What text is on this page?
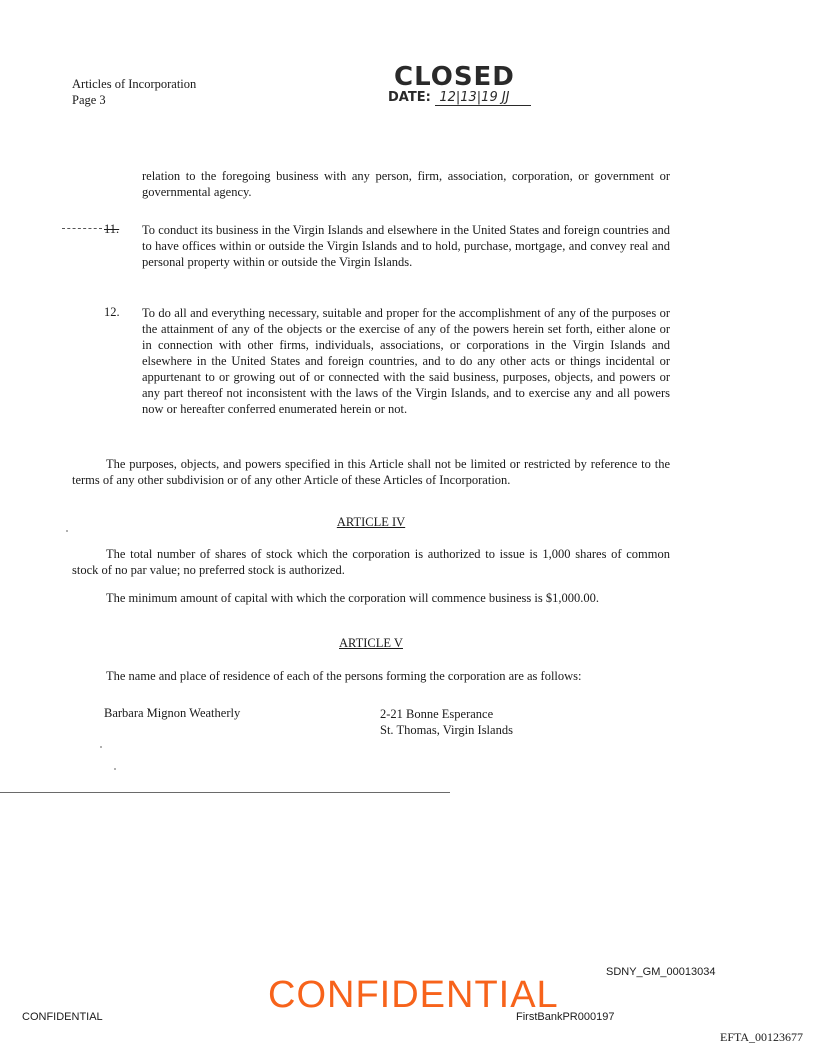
Articles of Incorporation
Page 3
CLOSED
DATE: 12|13|19 JJ
relation to the foregoing business with any person, firm, association, corporation, or government or governmental agency.
11.	To conduct its business in the Virgin Islands and elsewhere in the United States and foreign countries and to have offices within or outside the Virgin Islands and to hold, purchase, mortgage, and convey real and personal property within or outside the Virgin Islands.
12.	To do all and everything necessary, suitable and proper for the accomplishment of any of the purposes or the attainment of any of the objects or the exercise of any of the powers herein set forth, either alone or in connection with other firms, individuals, associations, or corporations in the Virgin Islands and elsewhere in the United States and foreign countries, and to do any other acts or things incidental or appurtenant to or growing out of or connected with the said business, purposes, objects, and powers or any part thereof not inconsistent with the laws of the Virgin Islands, and to exercise any and all powers now or hereafter conferred enumerated herein or not.
The purposes, objects, and powers specified in this Article shall not be limited or restricted by reference to the terms of any other subdivision or of any other Article of these Articles of Incorporation.
ARTICLE IV
The total number of shares of stock which the corporation is authorized to issue is 1,000 shares of common stock of no par value; no preferred stock is authorized.
The minimum amount of capital with which the corporation will commence business is $1,000.00.
ARTICLE V
The name and place of residence of each of the persons forming the corporation are as follows:
Barbara Mignon Weatherly	2-21 Bonne Esperance
St. Thomas, Virgin Islands
SDNY_GM_00013034
CONFIDENTIAL
CONFIDENTIAL	FirstBankPR000197
EFTA_00123677
